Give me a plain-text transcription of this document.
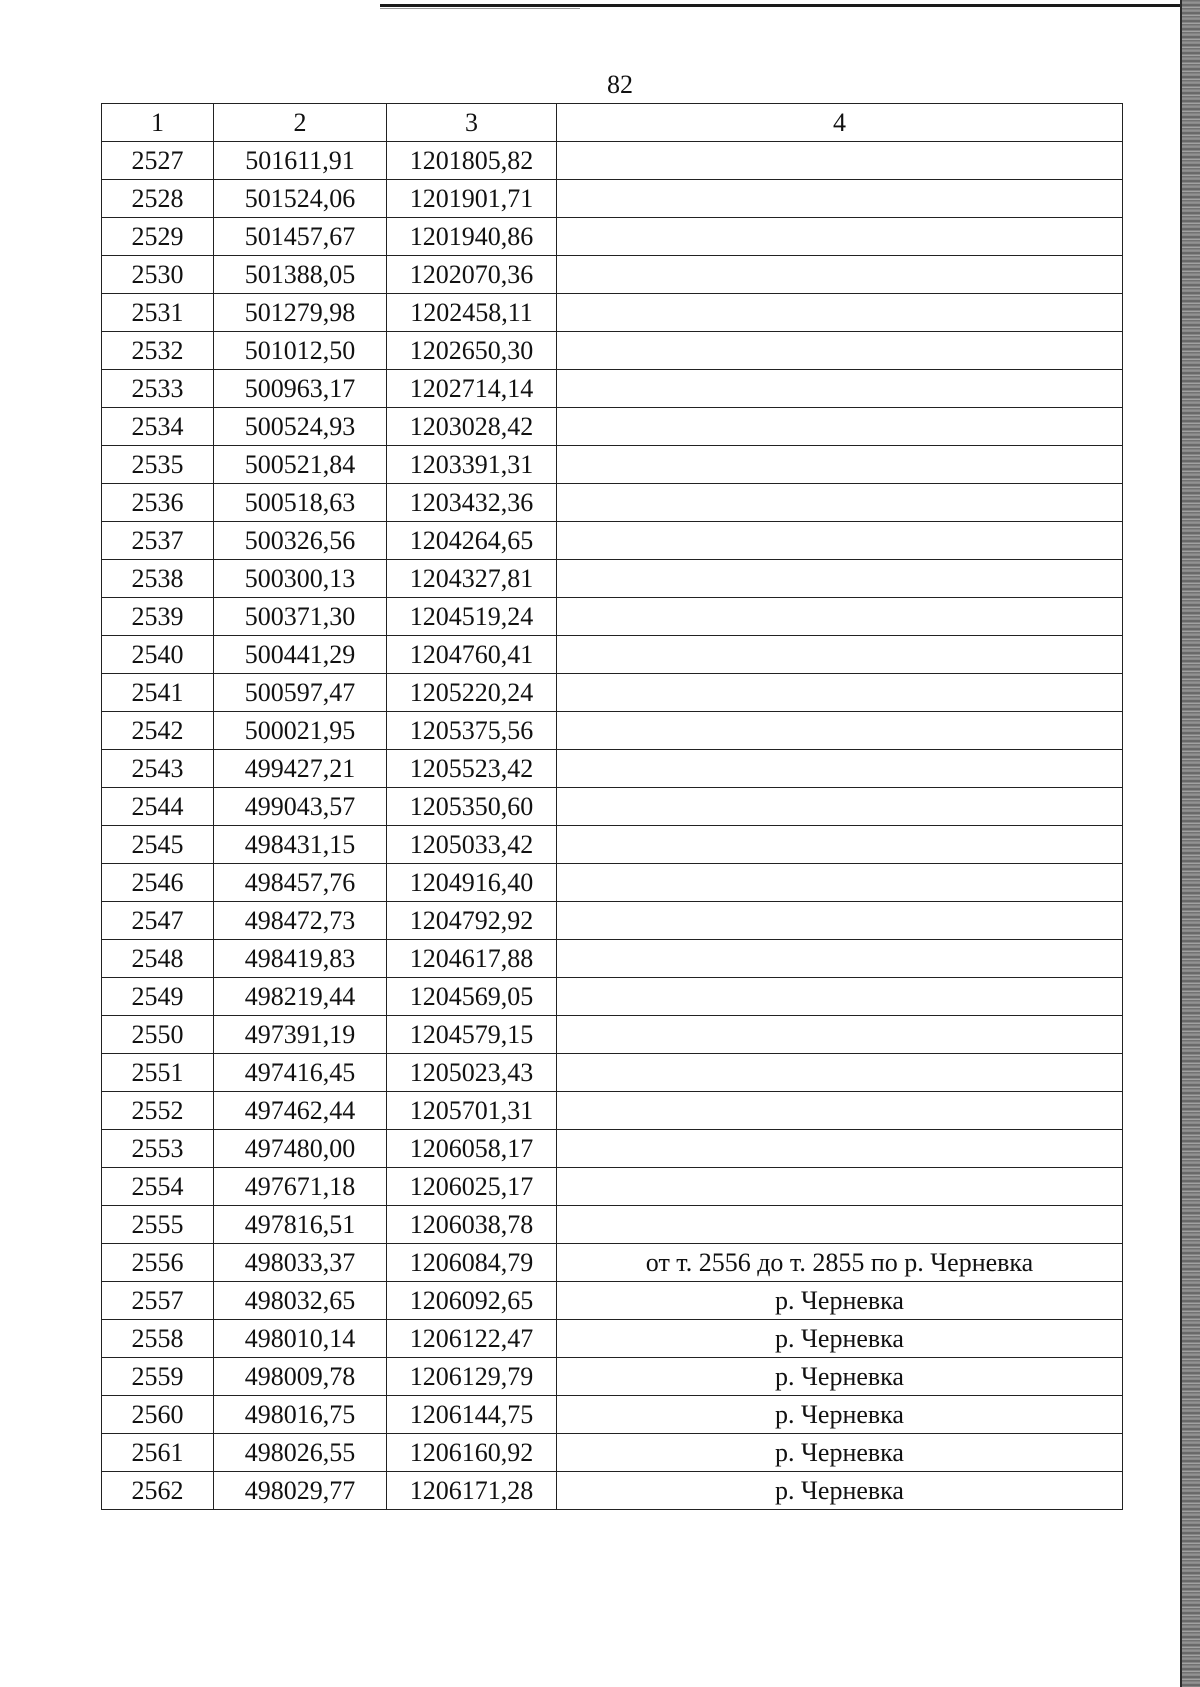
82
1	2	3	4
2527	501611,91	1201805,82	
2528	501524,06	1201901,71	
2529	501457,67	1201940,86	
2530	501388,05	1202070,36	
2531	501279,98	1202458,11	
2532	501012,50	1202650,30	
2533	500963,17	1202714,14	
2534	500524,93	1203028,42	
2535	500521,84	1203391,31	
2536	500518,63	1203432,36	
2537	500326,56	1204264,65	
2538	500300,13	1204327,81	
2539	500371,30	1204519,24	
2540	500441,29	1204760,41	
2541	500597,47	1205220,24	
2542	500021,95	1205375,56	
2543	499427,21	1205523,42	
2544	499043,57	1205350,60	
2545	498431,15	1205033,42	
2546	498457,76	1204916,40	
2547	498472,73	1204792,92	
2548	498419,83	1204617,88	
2549	498219,44	1204569,05	
2550	497391,19	1204579,15	
2551	497416,45	1205023,43	
2552	497462,44	1205701,31	
2553	497480,00	1206058,17	
2554	497671,18	1206025,17	
2555	497816,51	1206038,78	
2556	498033,37	1206084,79	от т. 2556 до т. 2855 по р. Черневка
2557	498032,65	1206092,65	р. Черневка
2558	498010,14	1206122,47	р. Черневка
2559	498009,78	1206129,79	р. Черневка
2560	498016,75	1206144,75	р. Черневка
2561	498026,55	1206160,92	р. Черневка
2562	498029,77	1206171,28	р. Черневка
